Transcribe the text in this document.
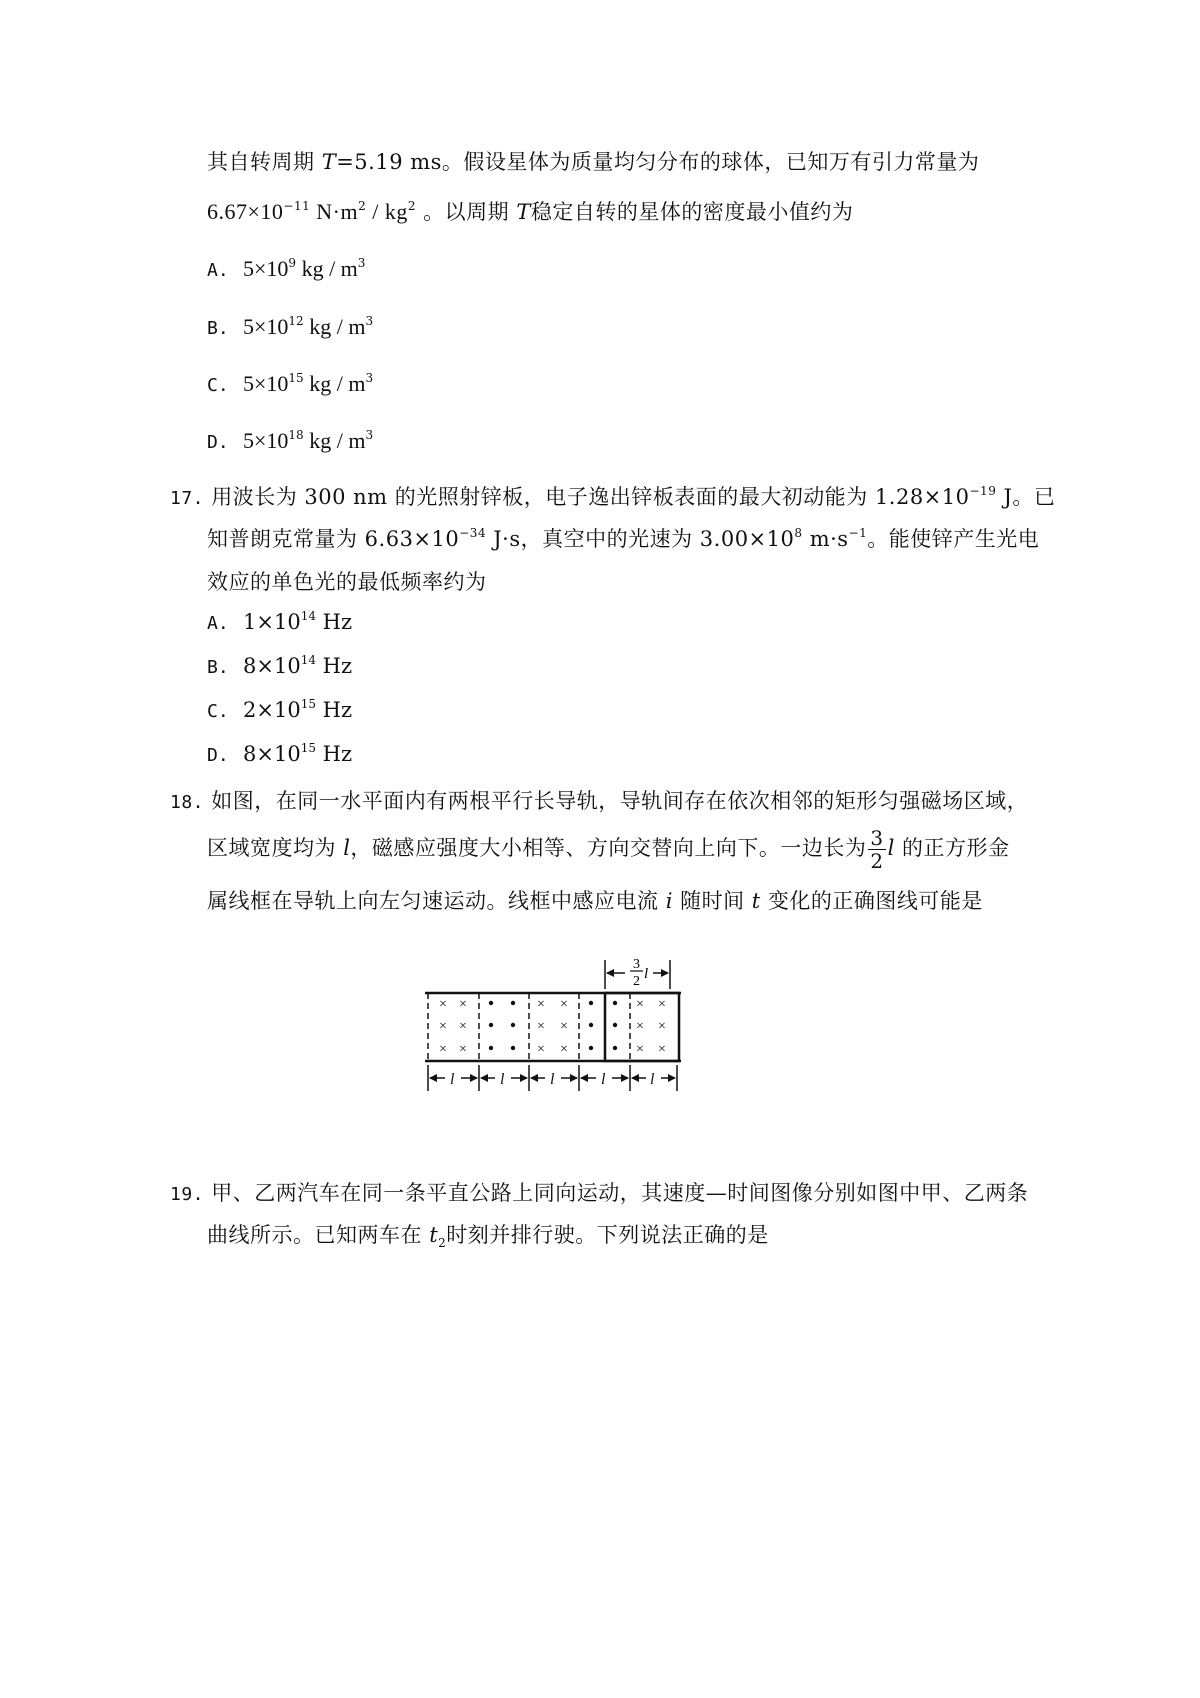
其自转周期 T=5.19 ms。假设星体为质量均匀分布的球体，已知万有引力常量为
$6.67\times 10^{-11}$ $N\cdot m^2 / kg^2$ 。以周期 T稳定自转的星体的密度最小值约为
A. $5\times 10^9$ kg / $m^3$
B. $5\times 10^{12}$ kg / $m^3$
C. $5\times 10^{15}$ kg / $m^3$
D. $5\times 10^{18}$ kg / $m^3$
17. 用波长为 300 nm 的光照射锌板，电子逸出锌板表面的最大初动能为 $1.28\times 10^{-19}$ J。已
知普朗克常量为 $6.63\times 10^{-34}$ J·s，真空中的光速为 $3.00\times 10^8$ $m\cdot s^{-1}$。能使锌产生光电
效应的单色光的最低频率约为
A. $1\times 10^{14}$ Hz
B. $8\times 10^{14}$ Hz
C. $2\times 10^{15}$ Hz
D. $8\times 10^{15}$ Hz
18. 如图，在同一水平面内有两根平行长导轨，导轨间存在依次相邻的矩形匀强磁场区域，
区域宽度均为 l，磁感应强度大小相等、方向交替向上向下。一边长为 $\frac{3}{2}$ l 的正方形金
属线框在导轨上向左匀速运动。线框中感应电流 i 随时间 t 变化的正确图线可能是
× ×
× ×
× ×
× ×
× ×
× ×
× ×
× ×
× ×
3
2 l
l	l	l	l	l
19. 甲、乙两汽车在同一条平直公路上同向运动，其速度—时间图像分别如图中甲、乙两条
曲线所示。已知两车在 $t_2$时刻并排行驶。下列说法正确的是
